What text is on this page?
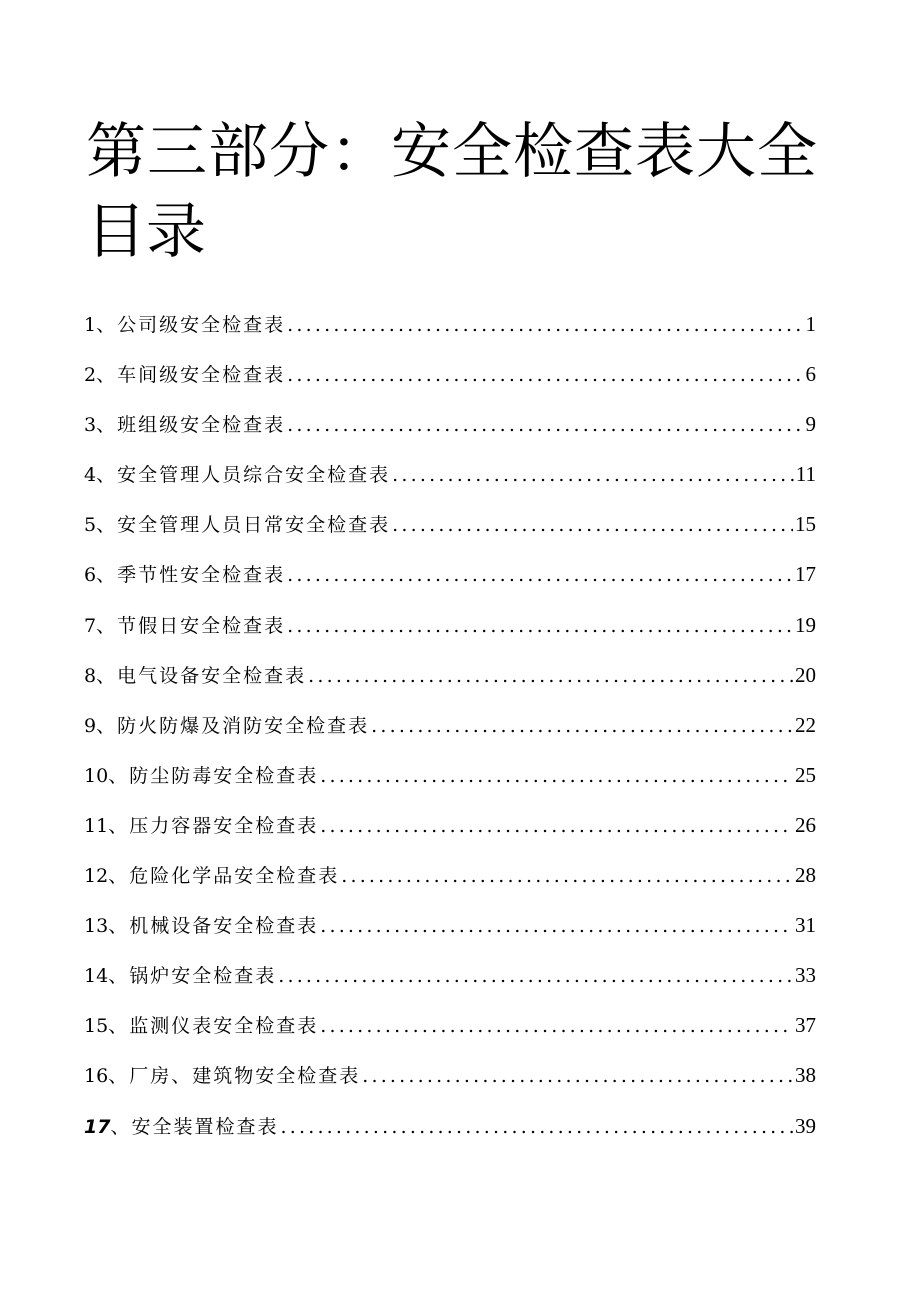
第三部分：安全检查表大全
目录
1 、 公司级安全检查表 .....	1
2 、 车间级安全检查表 .....	6
3 、 班组级安全检查表 .....	9
4 、 安全管理人员综合安全检查表 .....	11
5 、 安全管理人员日常安全检查表 .....	15
6 、 季节性安全检查表 .....	17
7 、 节假日安全检查表 .....	19
8 、 电气设备安全检查表 .....	20
9 、 防火防爆及消防安全检查表 .....	22
10 、 防尘防毒安全检查表 .....	25
11 、 压力容器安全检查表 .....	26
12 、 危险化学品安全检查表 .....	28
13 、 机械设备安全检查表 .....	31
14 、 锅炉安全检查表 .....	33
15 、 监测仪表安全检查表 .....	37
16 、 厂房、建筑物安全检查表 .....	38
17 、 安全装置检查表 .....	39
